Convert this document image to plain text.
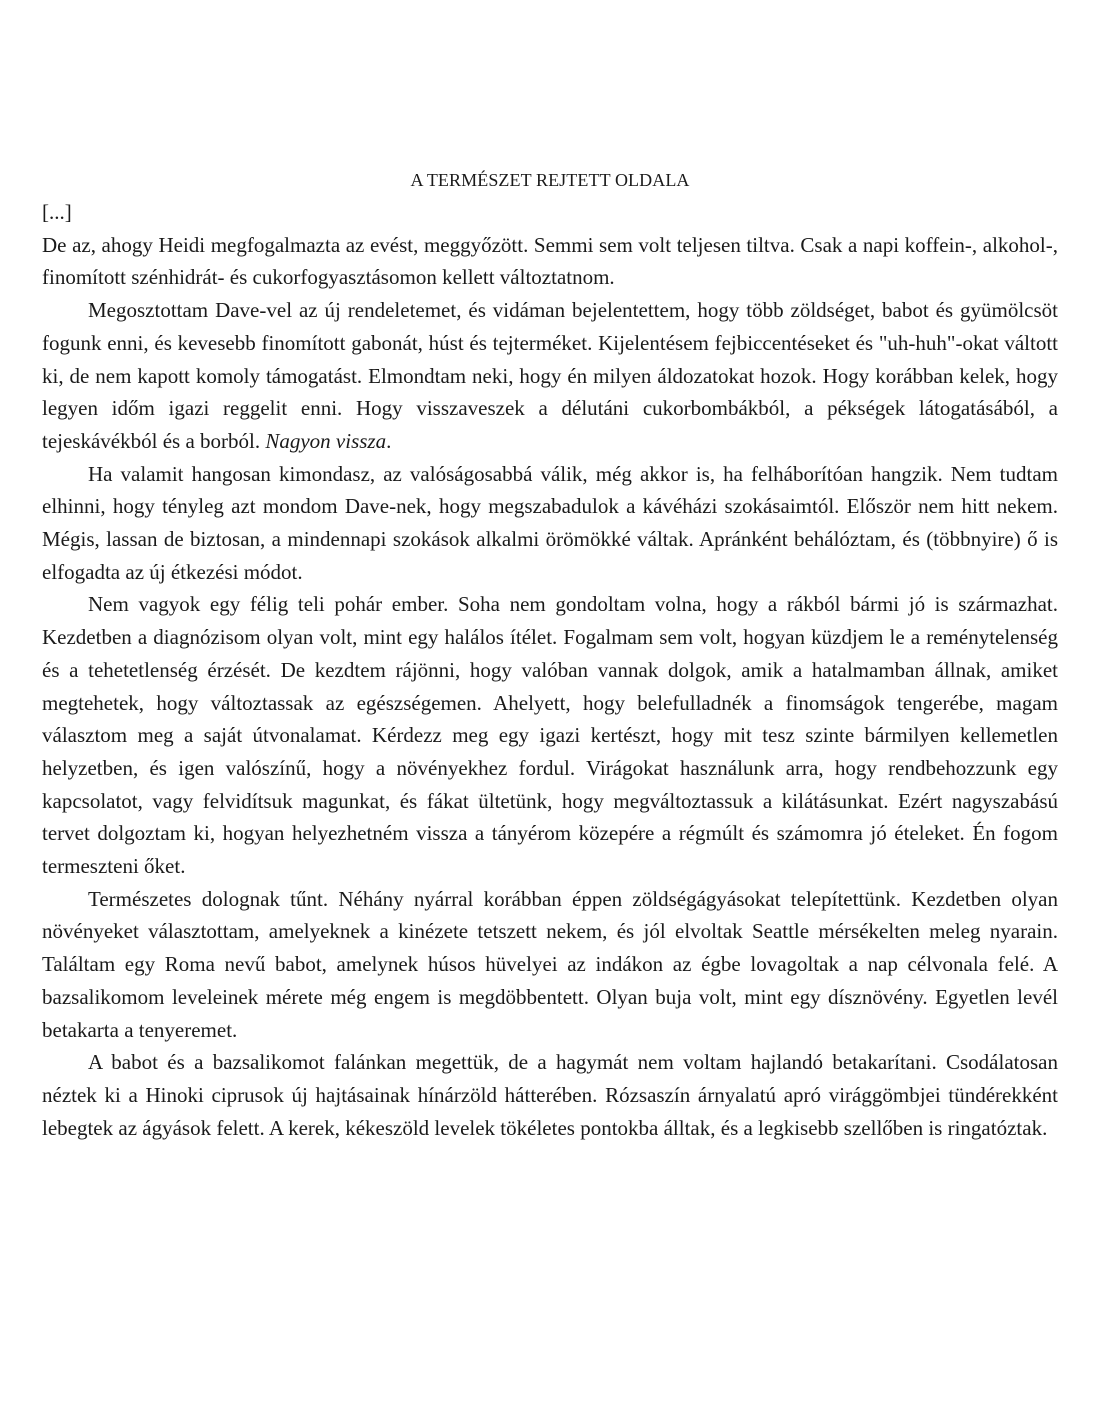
A TERMÉSZET REJTETT OLDALA

[...]

De az, ahogy Heidi megfogalmazta az evést, meggyőzött. Semmi sem volt teljesen tiltva. Csak a napi koffein-, alkohol-, finomított szénhidrát- és cukorfogyasztásomon kellett változtatnom.

Megosztottam Dave-vel az új rendeletemet, és vidáman bejelentettem, hogy több zöldséget, babot és gyümölcsöt fogunk enni, és kevesebb finomított gabonát, húst és tejterméket. Kijelentésem fejbiccentéseket és "uh-huh"-okat váltott ki, de nem kapott komoly támogatást. Elmondtam neki, hogy én milyen áldozatokat hozok. Hogy korábban kelek, hogy legyen időm igazi reggelit enni. Hogy visszaveszek a délutáni cukorbombákból, a pékségek látogatásából, a tejeskávékból és a borból. Nagyon vissza.

Ha valamit hangosan kimondasz, az valóságosabbá válik, még akkor is, ha felháborítóan hangzik. Nem tudtam elhinni, hogy tényleg azt mondom Dave-nek, hogy megszabadulok a kávéházi szokásaimtól. Először nem hitt nekem. Mégis, lassan de biztosan, a mindennapi szokások alkalmi örömökké váltak. Apránként behálóztam, és (többnyire) ő is elfogadta az új étkezési módot.

Nem vagyok egy félig teli pohár ember. Soha nem gondoltam volna, hogy a rákból bármi jó is származhat. Kezdetben a diagnózisom olyan volt, mint egy halálos ítélet. Fogalmam sem volt, hogyan küzdjem le a reménytelenség és a tehetetlenség érzését. De kezdtem rájönni, hogy valóban vannak dolgok, amik a hatalmamban állnak, amiket megtehetek, hogy változtassak az egészségemen. Ahelyett, hogy belefulladnék a finomságok tengerébe, magam választom meg a saját útvonalamat. Kérdezz meg egy igazi kertészt, hogy mit tesz szinte bármilyen kellemetlen helyzetben, és igen valószínű, hogy a növényekhez fordul. Virágokat használunk arra, hogy rendbehozzunk egy kapcsolatot, vagy felvidítsuk magunkat, és fákat ültetünk, hogy megváltoztassuk a kilátásunkat. Ezért nagyszabású tervet dolgoztam ki, hogyan helyezhetném vissza a tányérom közepére a régmúlt és számomra jó ételeket. Én fogom termeszteni őket.

Természetes dolognak tűnt. Néhány nyárral korábban éppen zöldségágyásokat telepítettünk. Kezdetben olyan növényeket választottam, amelyeknek a kinézete tetszett nekem, és jól elvoltak Seattle mérsékelten meleg nyarain. Találtam egy Roma nevű babot, amelynek húsos hüvelyei az indákon az égbe lovagoltak a nap célvonala felé. A bazsalikomom leveleinek mérete még engem is megdöbbentett. Olyan buja volt, mint egy dísznövény. Egyetlen levél betakarta a tenyeremet.

A babot és a bazsalikomot falánkan megettük, de a hagymát nem voltam hajlandó betakarítani. Csodálatosan néztek ki a Hinoki ciprusok új hajtásainak hínárzöld hátterében. Rózsaszín árnyalatú apró virággömbjei tündérekként lebegtek az ágyások felett. A kerek, kékeszöld levelek tökéletes pontokba álltak, és a legkisebb szellőben is ringatóztak.
